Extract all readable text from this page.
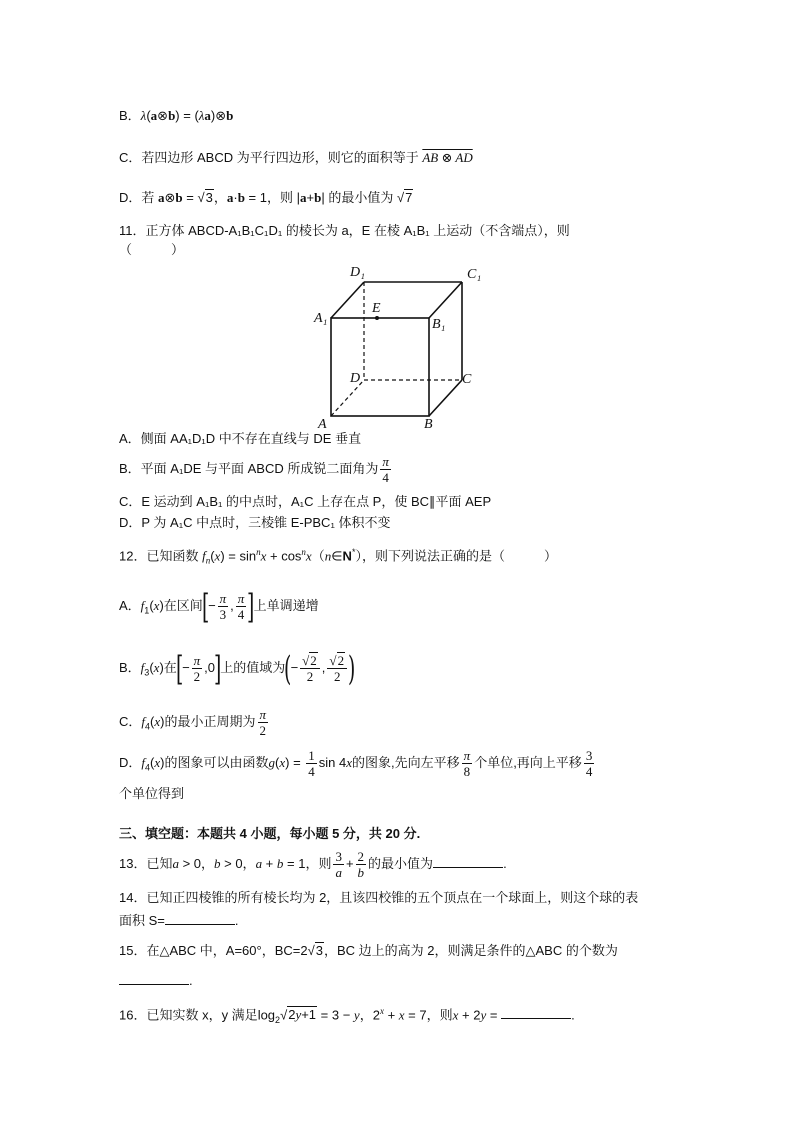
B．λ(a⊗b) = (λa)⊗b
C．若四边形 ABCD 为平行四边形，则它的面积等于 AB ⊗ AD
D．若 a⊗b = √3，a·b = 1，则 |a+b| 的最小值为 √7
11．正方体 ABCD-A₁B₁C₁D₁ 的棱长为 a，E 在棱 A₁B₁ 上运动（不含端点），则
（　　　）
D₁	C₁
A₁
E
B₁
D	C
A	B
A．侧面 AA₁D₁D 中不存在直线与 DE 垂直
B．平面 A₁DE 与平面 ABCD 所成锐二面角为 $\frac{\pi}{4}$
C．E 运动到 A₁B₁ 的中点时，A₁C 上存在点 P，使 BC∥平面 AEP
D．P 为 A₁C 中点时，三棱锥 E-PBC₁ 体积不变
12．已知函数 $f_n(x) = \sin^nx$ + $\cos^nx(n\in N^*)$，则下列说法正确的是（　　　）
A．$f_1(x)$在区间[− $\frac{\pi}{3}$ , $\frac{\pi}{4}$ ]上单调递增
B．$f_3(x)$在[− $\frac{\pi}{2} ,0$]上的值域为(− $\frac{√2}{2}$ , $\frac{√2}{2}$ )
C．$f_4(x)$的最小正周期为 $\frac{\pi}{2}$
D．$f_4(x)$的图象可以由函数$g(x) = \frac{1}{4}$ sin 4x的图象,先向左平移 $\frac{\pi}{8}$ 个单位,再向上平移 $\frac{3}{4}$
个单位得到
三、填空题：本题共 4 小题，每小题 5 分，共 20 分.
13．已知a > 0，b > 0，a + b = 1，则 $\frac{3}{a} + \frac{2}{b}$ 的最小值为	.
14．已知正四棱锥的所有棱长均为 2，且该四校锥的五个顶点在一个球面上，则这个球的表
面积 S=	.
15．在△ABC 中，A=60°，BC=2√3，BC 边上的高为 2，则满足条件的△ABC 的个数为
.
16．已知实数 x，y 满足$\log_2√2y+1 = 3 - y$，$2^x + x = 7$，则x + 2y =	.
